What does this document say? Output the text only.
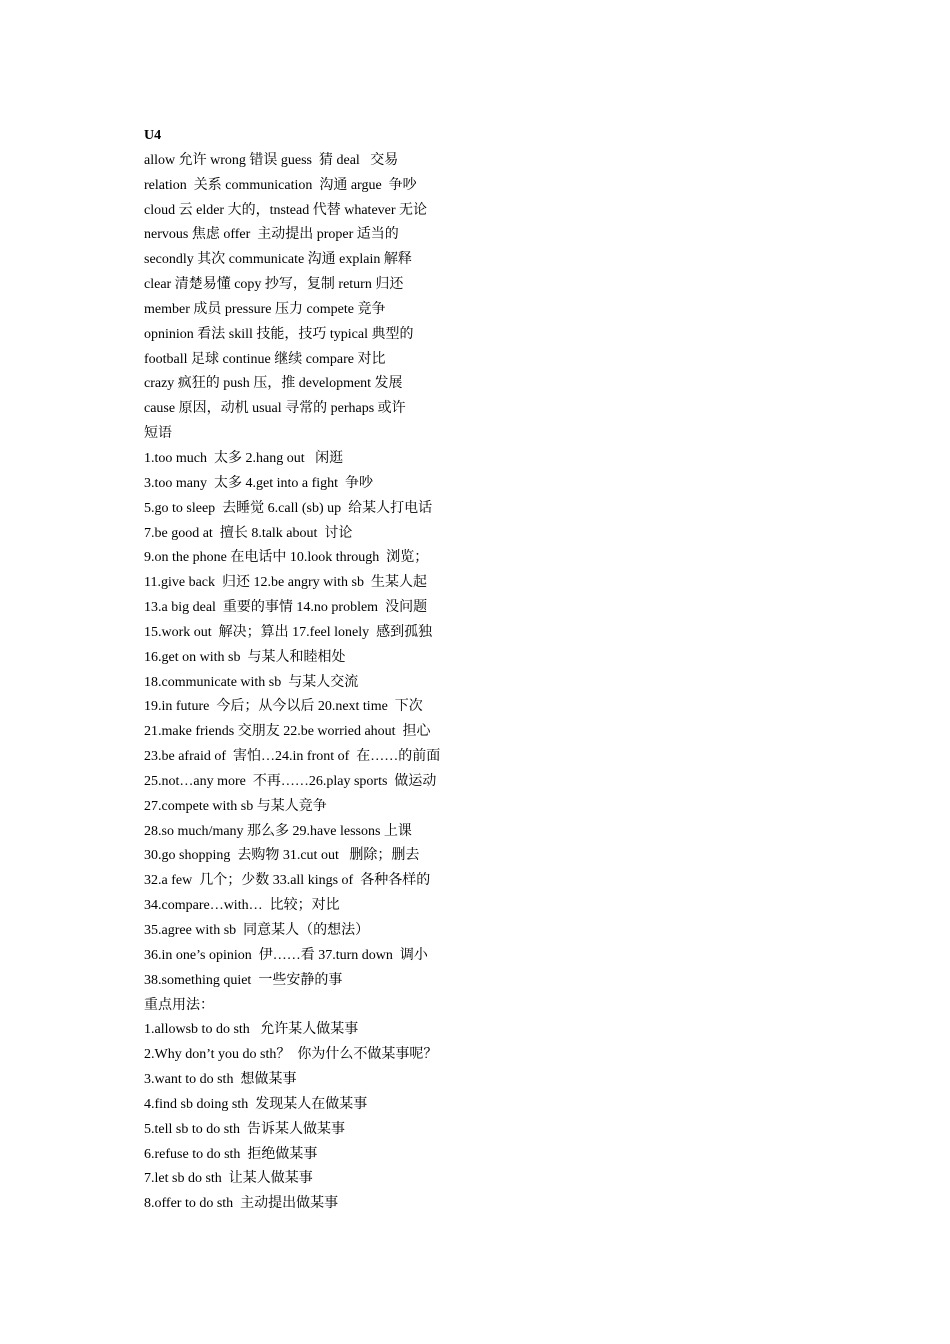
U4
allow 允许 wrong 错误 guess  猜 deal   交易
relation  关系 communication  沟通 argue  争吵
cloud 云 elder 大的，tnstead 代替 whatever 无论
nervous 焦虑 offer  主动提出 proper 适当的
secondly 其次 communicate 沟通 explain 解释
clear 清楚易懂 copy 抄写，复制 return 归还
member 成员 pressure 压力 compete 竞争
opninion 看法 skill 技能，技巧 typical 典型的
football 足球 continue 继续 compare 对比
crazy 疯狂的 push 压，推 development 发展
cause 原因，动机 usual 寻常的 perhaps 或许
短语
1.too much  太多 2.hang out   闲逛
3.too many  太多 4.get into a fight  争吵
5.go to sleep  去睡觉 6.call (sb) up  给某人打电话
7.be good at  擅长 8.talk about  讨论
9.on the phone 在电话中 10.look through  浏览；
11.give back  归还 12.be angry with sb  生某人起
13.a big deal  重要的事情 14.no problem  没问题
15.work out  解决；算出 17.feel lonely  感到孤独
16.get on with sb  与某人和睦相处
18.communicate with sb  与某人交流
19.in future  今后；从今以后 20.next time  下次
21.make friends 交朋友 22.be worried ahout  担心
23.be afraid of  害怕…24.in front of  在……的前面
25.not…any more  不再……26.play sports  做运动
27.compete with sb 与某人竞争
28.so much/many 那么多 29.have lessons 上课
30.go shopping  去购物 31.cut out   删除；删去
32.a few  几个；少数 33.all kings of  各种各样的
34.compare…with…  比较；对比
35.agree with sb  同意某人（的想法）
36.in one’s opinion  伊……看 37.turn down  调小
38.something quiet  一些安静的事
重点用法：
1.allowsb to do sth   允许某人做某事
2.Why don’t you do sth？  你为什么不做某事呢？
3.want to do sth  想做某事
4.find sb doing sth  发现某人在做某事
5.tell sb to do sth  告诉某人做某事
6.refuse to do sth  拒绝做某事
7.let sb do sth  让某人做某事
8.offer to do sth  主动提出做某事
